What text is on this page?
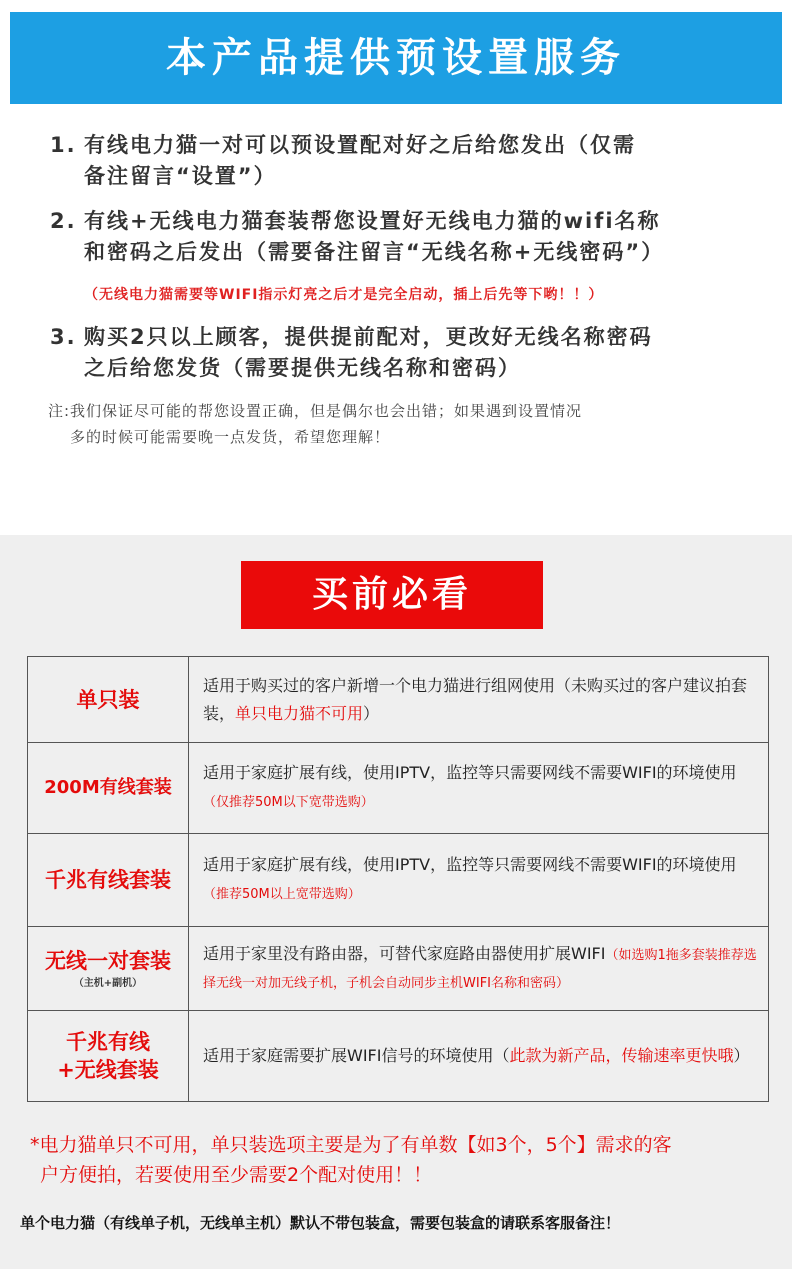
本产品提供预设置服务
1. 有线电力猫一对可以预设置配对好之后给您发出（仅需
备注留言“设置”）
2. 有线+无线电力猫套装帮您设置好无线电力猫的wifi名称
和密码之后发出（需要备注留言“无线名称+无线密码”）
（无线电力猫需要等WIFI指示灯亮之后才是完全启动，插上后先等下哟！！）
3. 购买2只以上顾客，提供提前配对，更改好无线名称密码
之后给您发货（需要提供无线名称和密码）
注:我们保证尽可能的帮您设置正确，但是偶尔也会出错；如果遇到设置情况
多的时候可能需要晚一点发货，希望您理解！
买前必看
单只装	适用于购买过的客户新增一个电力猫进行组网使用（未购买过的客户建议拍套装，单只电力猫不可用）
200M有线套装	适用于家庭扩展有线，使用IPTV，监控等只需要网线不需要WIFI的环境使用（仅推荐50M以下宽带选购）
千兆有线套装	适用于家庭扩展有线，使用IPTV，监控等只需要网线不需要WIFI的环境使用（推荐50M以上宽带选购）
无线一对套装
（主机+副机）	适用于家里没有路由器，可替代家庭路由器使用扩展WIFI（如选购1拖多套装推荐选择无线一对加无线子机，子机会自动同步主机WIFI名称和密码）

千兆有线
+无线套装	适用于家庭需要扩展WIFI信号的环境使用（此款为新产品，传输速率更快哦）
*电力猫单只不可用，单只装选项主要是为了有单数【如3个，5个】需求的客
户方便拍，若要使用至少需要2个配对使用！！
单个电力猫（有线单子机，无线单主机）默认不带包装盒，需要包装盒的请联系客服备注！
